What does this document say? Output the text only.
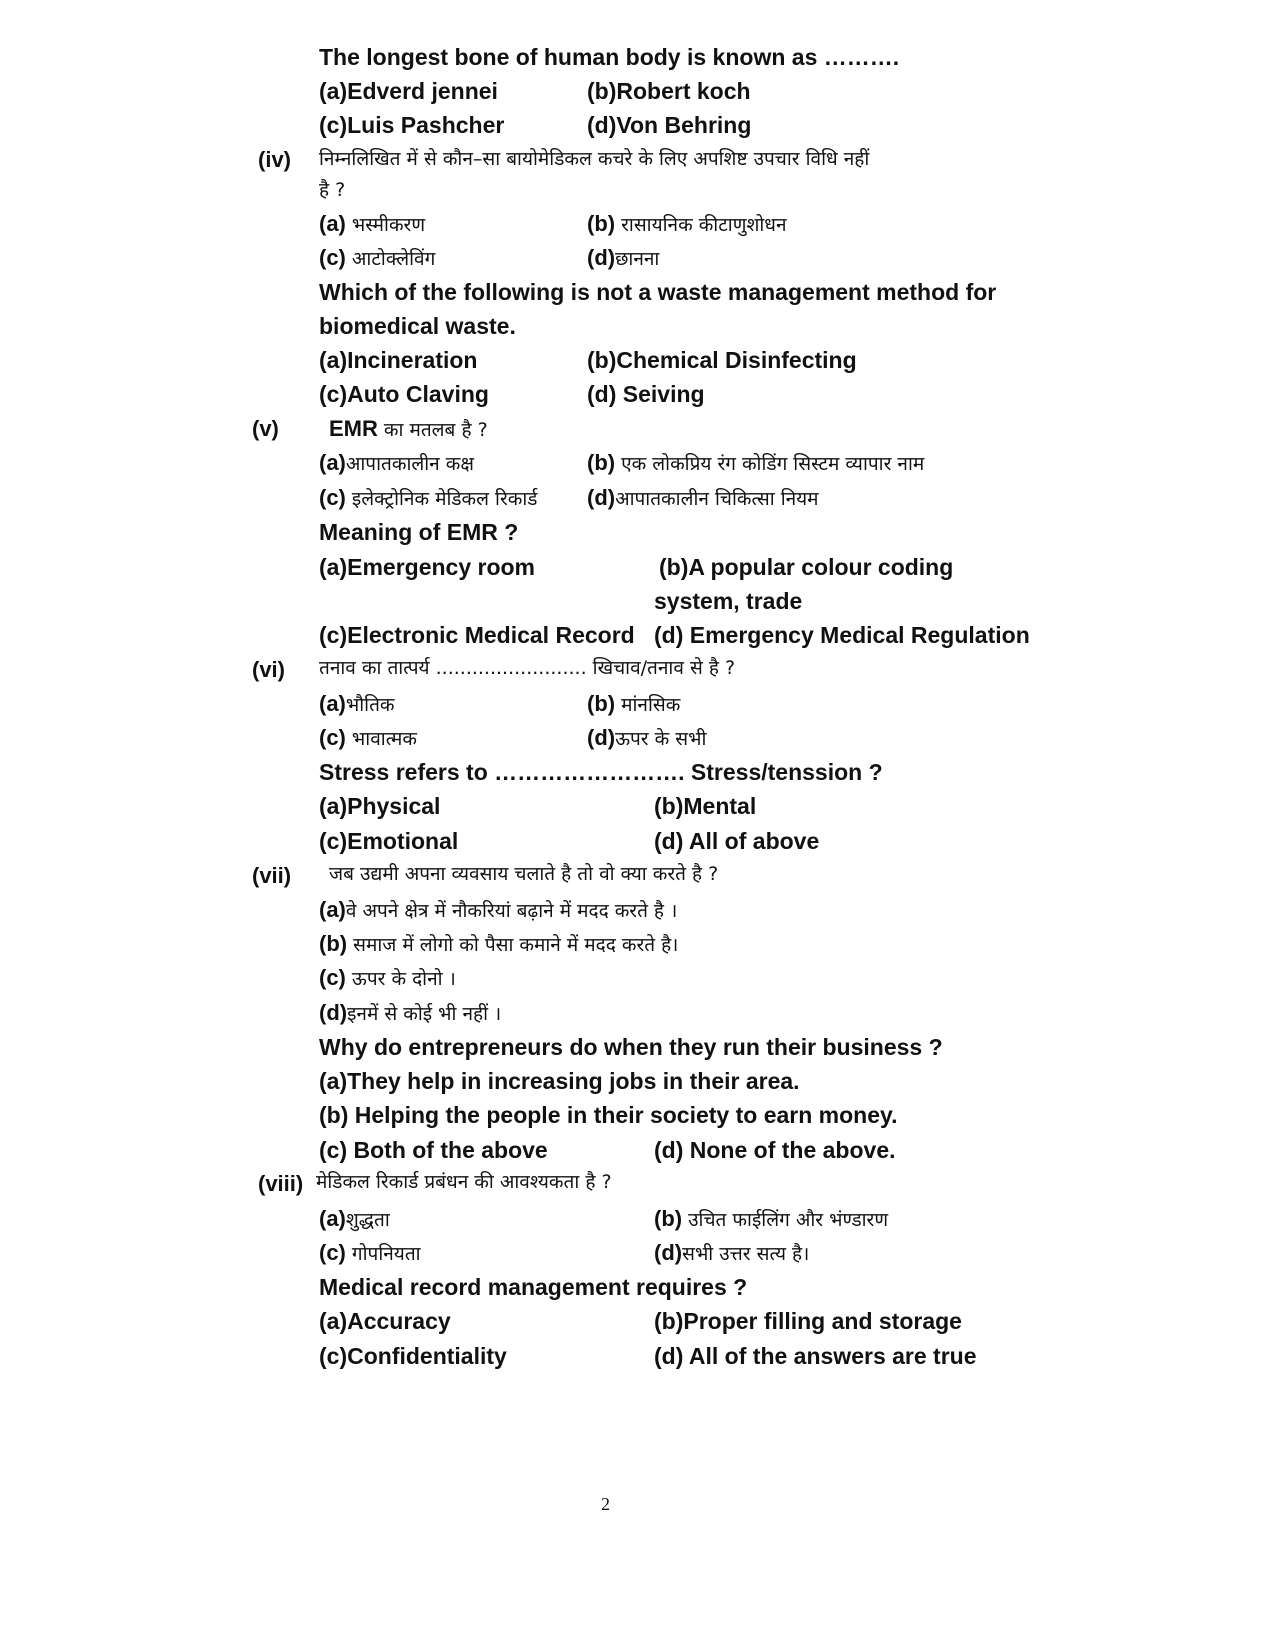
The longest bone of human body is known as ……….
(a)Edverd jennei	(b)Robert koch
(c)Luis Pashcher	(d)Von Behring
(iv) निम्नलिखित में से कौन–सा बायोमेडिकल कचरे के लिए अपशिष्ट उपचार विधि नहीं
है ?
(a) भस्मीकरण	(b) रासायनिक कीटाणुशोधन
(c) आटोक्लेविंग	(d)छानना
Which of the following is not a waste management method for
biomedical waste.
(a)Incineration	(b)Chemical Disinfecting
(c)Auto Claving	(d) Seiving
(v) EMR का मतलब है ?
(a)आपातकालीन कक्ष	(b) एक लोकप्रिय रंग कोडिंग सिस्टम व्यापार नाम
(c) इलेक्ट्रोनिक मेडिकल रिकार्ड (d)आपातकालीन चिकित्सा नियम
Meaning of EMR ?
(a)Emergency room	(b)A popular colour coding
system, trade
(c)Electronic Medical Record (d) Emergency Medical Regulation
(vi) तनाव का तात्पर्य ......................... खिचाव/तनाव से है ?
(a)भौतिक	(b) मांनसिक
(c) भावात्मक	(d)ऊपर के सभी
Stress refers to ……………………. Stress/tenssion ?
(a)Physical	(b)Mental
(c)Emotional	(d) All of above
(vii) जब उद्यमी अपना व्यवसाय चलाते है तो वो क्या करते है ?
(a)वे अपने क्षेत्र में नौकरियां बढ़ाने में मदद करते है ।
(b) समाज में लोगो को पैसा कमाने में मदद करते है।
(c) ऊपर के दोनो ।
(d)इनमें से कोई भी नहीं ।
Why do entrepreneurs do when they run their business ?
(a)They help in increasing jobs in their area.
(b) Helping the people in their society to earn money.
(c) Both of the above	(d) None of the above.
(viii) मेडिकल रिकार्ड प्रबंधन की आवश्यकता है ?
(a)शुद्धता	(b) उचित फाईलिंग और भंण्डारण
(c) गोपनियता	(d)सभी उत्तर सत्य है।
Medical record management requires ?
(a)Accuracy	(b)Proper filling and storage
(c)Confidentiality	(d) All of the answers are true
2
